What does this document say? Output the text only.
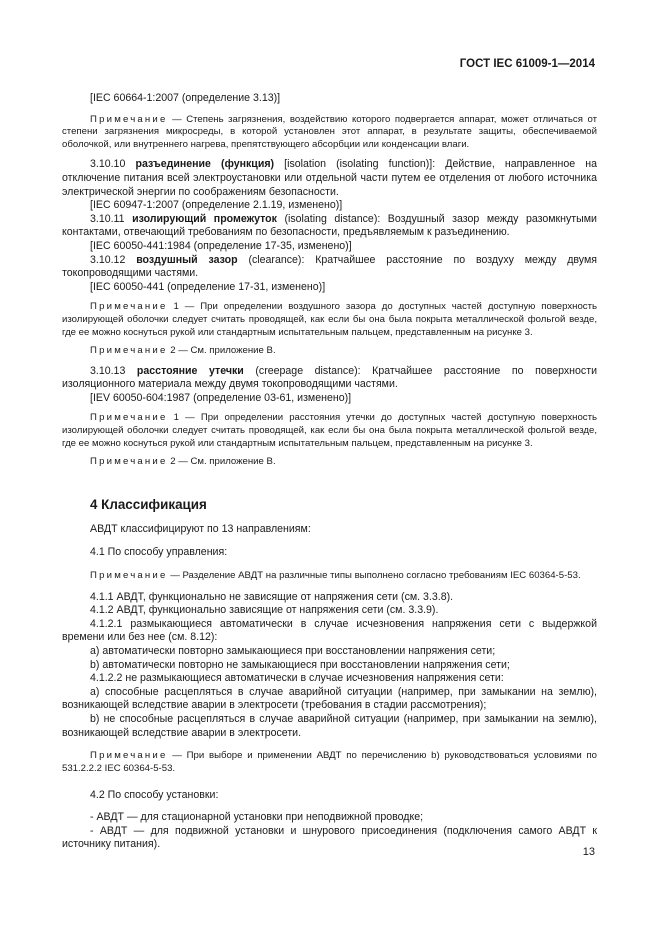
ГОСТ IEC 61009-1—2014

[IEC 60664-1:2007 (определение 3.13)]

Примечание — Степень загрязнения, воздействию которого подвергается аппарат, может отличаться от степени загрязнения микросреды, в которой установлен этот аппарат, в результате защиты, обеспечиваемой оболочкой, или внутреннего нагрева, препятствующего абсорбции или конденсации влаги.

3.10.10 разъединение (функция) [isolation (isolating function)]: Действие, направленное на отключение питания всей электроустановки или отдельной части путем ее отделения от любого источника электрической энергии по соображениям безопасности.

[IEC 60947-1:2007 (определение 2.1.19, изменено)]

3.10.11 изолирующий промежуток (isolating distance): Воздушный зазор между разомкнутыми контактами, отвечающий требованиям по безопасности, предъявляемым к разъединению.

[IEC 60050-441:1984 (определение 17-35, изменено)]

3.10.12 воздушный зазор (clearance): Кратчайшее расстояние по воздуху между двумя токопроводящими частями.

[IEC 60050-441 (определение 17-31, изменено)]

Примечание 1 — При определении воздушного зазора до доступных частей доступную поверхность изолирующей оболочки следует считать проводящей, как если бы она была покрыта металлической фольгой везде, где ее можно коснуться рукой или стандартным испытательным пальцем, представленным на рисунке 3.

Примечание 2 — См. приложение B.

3.10.13 расстояние утечки (creepage distance): Кратчайшее расстояние по поверхности изоляционного материала между двумя токопроводящими частями.

[IEV 60050-604:1987 (определение 03-61, изменено)]

Примечание 1 — При определении расстояния утечки до доступных частей доступную поверхность изолирующей оболочки следует считать проводящей, как если бы она была покрыта металлической фольгой везде, где ее можно коснуться рукой или стандартным испытательным пальцем, представленным на рисунке 3.

Примечание 2 — См. приложение B.

4 Классификация

АВДТ классифицируют по 13 направлениям:

4.1 По способу управления:

Примечание — Разделение АВДТ на различные типы выполнено согласно требованиям IEC 60364-5-53.

4.1.1 АВДТ, функционально не зависящие от напряжения сети (см. 3.3.8).

4.1.2 АВДТ, функционально зависящие от напряжения сети (см. 3.3.9).

4.1.2.1 размыкающиеся автоматически в случае исчезновения напряжения сети с выдержкой времени или без нее (см. 8.12):

a) автоматически повторно замыкающиеся при восстановлении напряжения сети;

b) автоматически повторно не замыкающиеся при восстановлении напряжения сети;

4.1.2.2 не размыкающиеся автоматически в случае исчезновения напряжения сети:

a) способные расцепляться в случае аварийной ситуации (например, при замыкании на землю), возникающей вследствие аварии в электросети (требования в стадии рассмотрения);

b) не способные расцепляться в случае аварийной ситуации (например, при замыкании на землю), возникающей вследствие аварии в электросети.

Примечание — При выборе и применении АВДТ по перечислению b) руководствоваться условиями по 531.2.2.2 IEC 60364-5-53.

4.2 По способу установки:

- АВДТ — для стационарной установки при неподвижной проводке;

- АВДТ — для подвижной установки и шнурового присоединения (подключения самого АВДТ к источнику питания).

13
